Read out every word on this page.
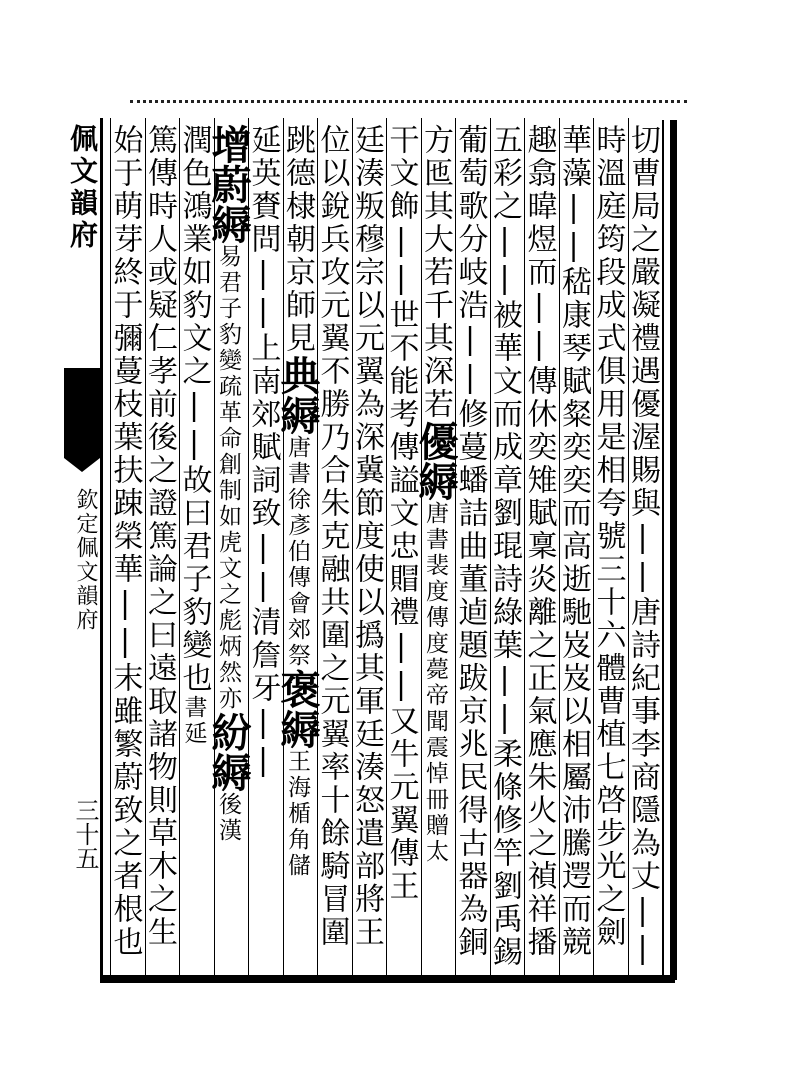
佩文韻府
欽定佩文韻府
三十五	切曹局之嚴凝禮遇優渥賜與||唐詩紀事李商隱為丈||
時溫庭筠段成式俱用是相夸號三十六體曹植七啓步光之劍
華藻||嵇康琴賦粲奕奕而高逝馳岌岌以相屬沛騰遌而競
趣翕暐煜而||傳休奕雉賦稟炎離之正氣應朱火之禎祥播
五彩之||被華文而成章劉琨詩綠葉||柔條修竿劉禹錫
葡萄歌分岐浩||修蔓蟠詰曲董逌題跋京兆民得古器為銅
方匜其大若千其深若優縟唐書裴度傳度薨帝聞震悼冊贈太
干文飾||世不能考傳謚文忠賵禮||又牛元翼傳王
廷湊叛穆宗以元翼為深冀節度使以撝其軍廷湊怒遣部將王
位以銳兵攻元翼不勝乃合朱克融共圍之元翼率十餘騎冒圍
跳德棣朝京師見典縟唐書徐彥伯傳會郊祭褒縟王海楯角儲
延英賚問||上南郊賦詞致||清詹牙||
增蔚縟易君子豹變疏革命創制如虎文之彪炳然亦紛縟後漢
潤色鴻業如豹文之||故曰君子豹變也書延
篤傳時人或疑仁孝前後之證篤論之曰遠取諸物則草木之生
始于萌芽終于彌蔓枝葉扶踈榮華||末雖繁蔚致之者根也
